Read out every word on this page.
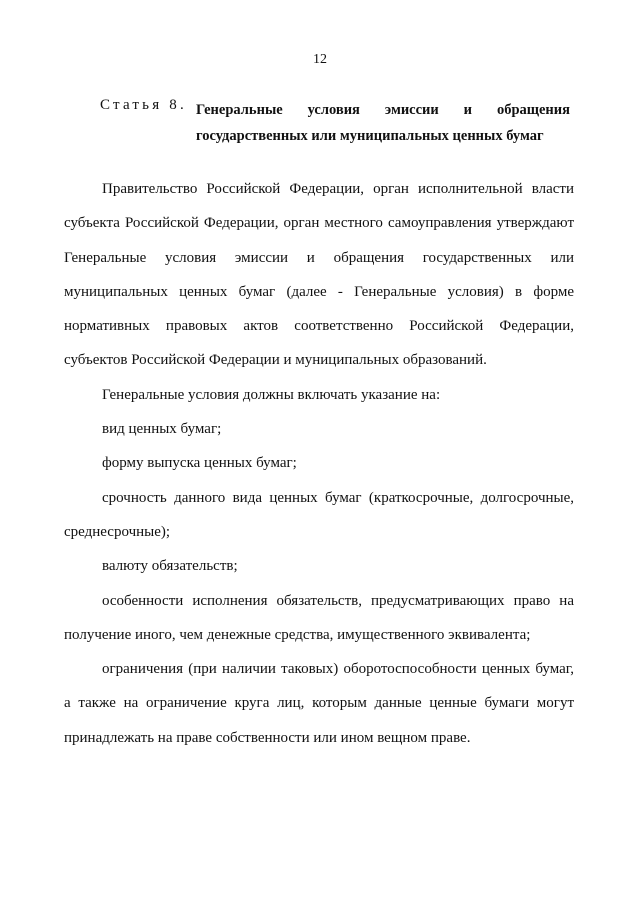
12
Статья 8. Генеральные условия эмиссии и обращения
государственных или муниципальных ценных бумаг

Правительство Российской Федерации, орган исполнительной власти субъекта Российской Федерации, орган местного самоуправления утверждают Генеральные условия эмиссии и обращения государственных или муниципальных ценных бумаг (далее - Генеральные условия) в форме нормативных правовых актов соответственно Российской Федерации, субъектов Российской Федерации и муниципальных образований.

Генеральные условия должны включать указание на:

вид ценных бумаг;

форму выпуска ценных бумаг;

срочность данного вида ценных бумаг (краткосрочные, долгосрочные, среднесрочные);

валюту обязательств;

особенности исполнения обязательств, предусматривающих право на получение иного, чем денежные средства, имущественного эквивалента;

ограничения (при наличии таковых) оборотоспособности ценных бумаг, а также на ограничение круга лиц, которым данные ценные бумаги могут принадлежать на праве собственности или ином вещном праве.
